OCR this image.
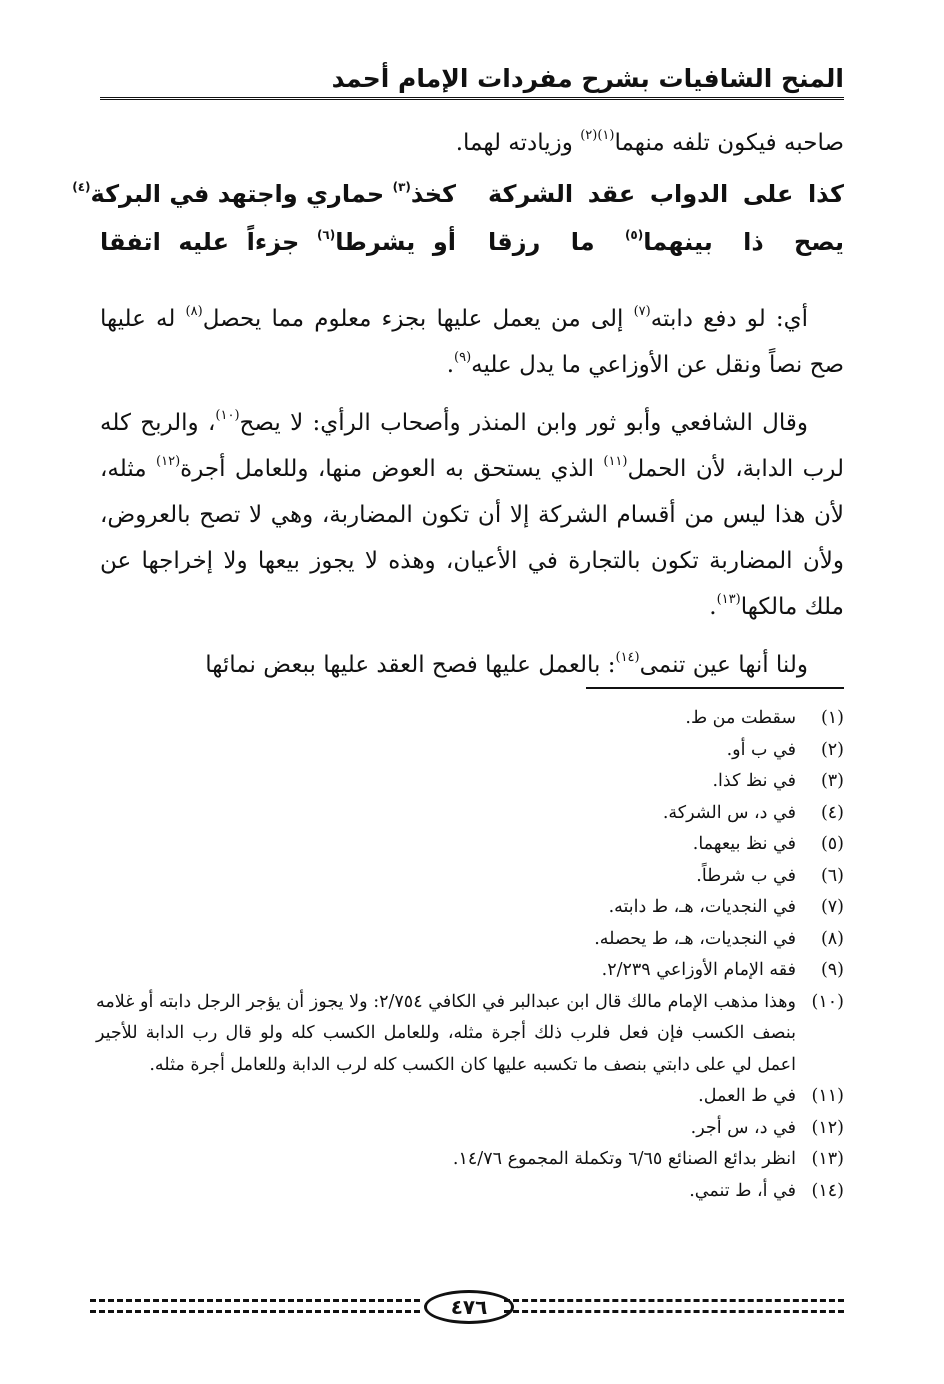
المنح الشافيات بشرح مفردات الإمام أحمد

صاحبه فيكون تلفه منهما$^{(١)(٢)}$ وزيادته لهما.

كذا على الدواب عقد الشركة
كخذ$^{(٣)}$ حماري واجتهد في البركة$^{(٤)}$
يصح ذا بينهما$^{(٥)}$ ما رزقا
أو يشرطا$^{(٦)}$ جزءاً عليه اتفقا

أي: لو دفع دابته$^{(٧)}$ إلى من يعمل عليها بجزء معلوم مما يحصل$^{(٨)}$ له عليها صح نصاً ونقل عن الأوزاعي ما يدل عليه$^{(٩)}$.

وقال الشافعي وأبو ثور وابن المنذر وأصحاب الرأي: لا يصح$^{(١٠)}$، والربح كله لرب الدابة، لأن الحمل$^{(١١)}$ الذي يستحق به العوض منها، وللعامل أجرة$^{(١٢)}$ مثله، لأن هذا ليس من أقسام الشركة إلا أن تكون المضاربة، وهي لا تصح بالعروض، ولأن المضاربة تكون بالتجارة في الأعيان، وهذه لا يجوز بيعها ولا إخراجها عن ملك مالكها$^{(١٣)}$.

ولنا أنها عين تنمى$^{(١٤)}$: بالعمل عليها فصح العقد عليها ببعض نمائها

(١)
سقطت من ط.

(٢)
في ب أو.

(٣)
في نظ كذا.

(٤)
في د، س الشركة.

(٥)
في نظ بيعهما.

(٦)
في ب شرطاً.

(٧)
في النجديات، هـ، ط دابته.

(٨)
في النجديات، هـ، ط يحصله.

(٩)
فقه الإمام الأوزاعي ٢/٢٣٩.

(١٠)
وهذا مذهب الإمام مالك قال ابن عبدالبر في الكافي ٢/٧٥٤: ولا يجوز أن يؤجر الرجل دابته أو غلامه بنصف الكسب فإن فعل فلرب ذلك أجرة مثله، وللعامل الكسب كله ولو قال رب الدابة للأجير اعمل لي على دابتي بنصف ما تكسبه عليها كان الكسب كله لرب الدابة وللعامل أجرة مثله.

(١١)
في ط العمل.

(١٢)
في د، س أجر.

(١٣)
انظر بدائع الصنائع ٦/٦٥ وتكملة المجموع ١٤/٧٦.

(١٤)
في أ، ط تنمي.

٤٧٦
